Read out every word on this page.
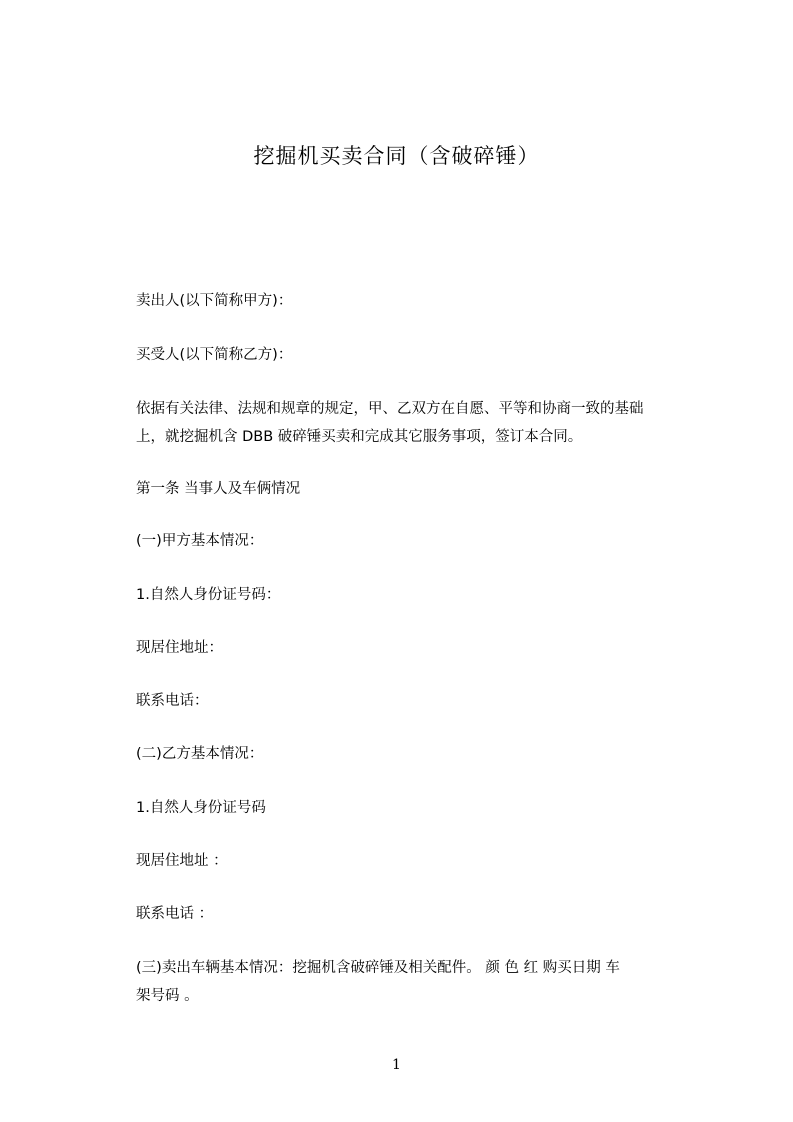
挖掘机买卖合同（含破碎锤）
卖出人(以下简称甲方)：
买受人(以下简称乙方)：
依据有关法律、法规和规章的规定，甲、乙双方在自愿、平等和协商一致的基础
上，就挖掘机含 DBB 破碎锤买卖和完成其它服务事项，签订本合同。
第一条 当事人及车俩情况
(一)甲方基本情况：
1.自然人身份证号码：
现居住地址：
联系电话：
(二)乙方基本情况：
1.自然人身份证号码
现居住地址 ：
联系电话 ：
(三)卖出车辆基本情况：挖掘机含破碎锤及相关配件。 颜 色 红 购买日期 车
架号码 。
1
